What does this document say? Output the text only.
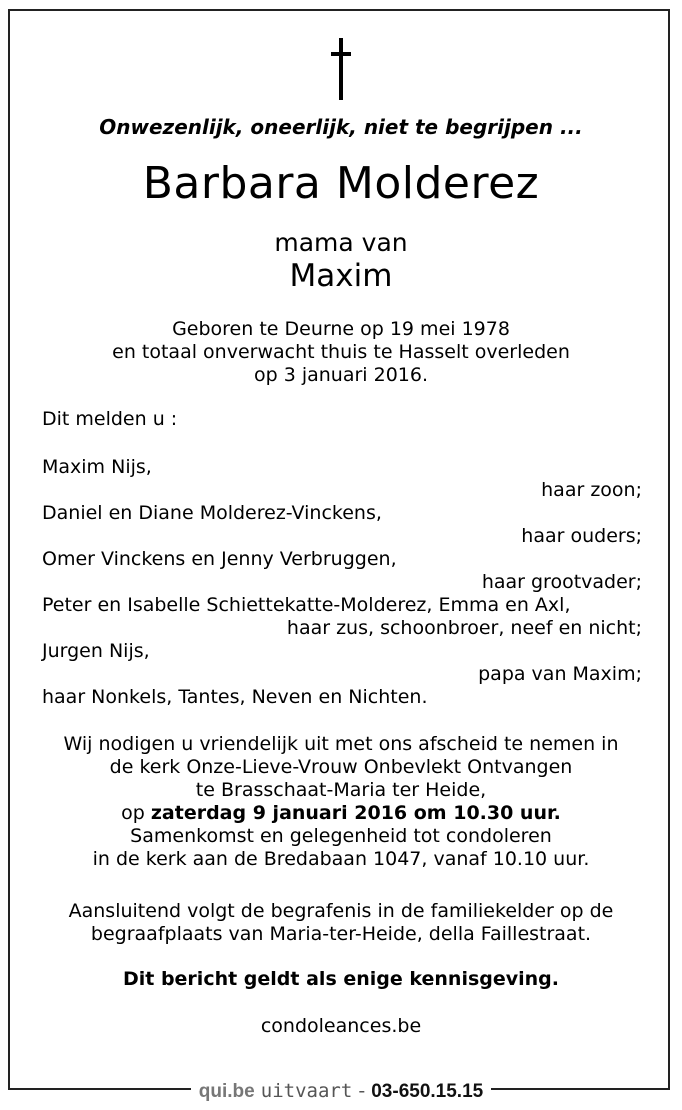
Onwezenlijk, oneerlijk, niet te begrijpen ...
Barbara Molderez
mama van
Maxim
Geboren te Deurne op 19 mei 1978
en totaal onverwacht thuis te Hasselt overleden
op 3 januari 2016.
Dit melden u :
Maxim Nijs,
haar zoon;
Daniel en Diane Molderez-Vinckens,
haar ouders;
Omer Vinckens en Jenny Verbruggen,
haar grootvader;
Peter en Isabelle Schiettekatte-Molderez, Emma en Axl,
haar zus, schoonbroer, neef en nicht;
Jurgen Nijs,
papa van Maxim;
haar Nonkels, Tantes, Neven en Nichten.
Wij nodigen u vriendelijk uit met ons afscheid te nemen in
de kerk Onze-Lieve-Vrouw Onbevlekt Ontvangen
te Brasschaat-Maria ter Heide,
op zaterdag 9 januari 2016 om 10.30 uur.
Samenkomst en gelegenheid tot condoleren
in de kerk aan de Bredabaan 1047, vanaf 10.10 uur.
Aansluitend volgt de begrafenis in de familiekelder op de
begraafplaats van Maria-ter-Heide, della Faillestraat.
Dit bericht geldt als enige kennisgeving.
condoleances.be
qui.be uitvaart - 03-650.15.15
